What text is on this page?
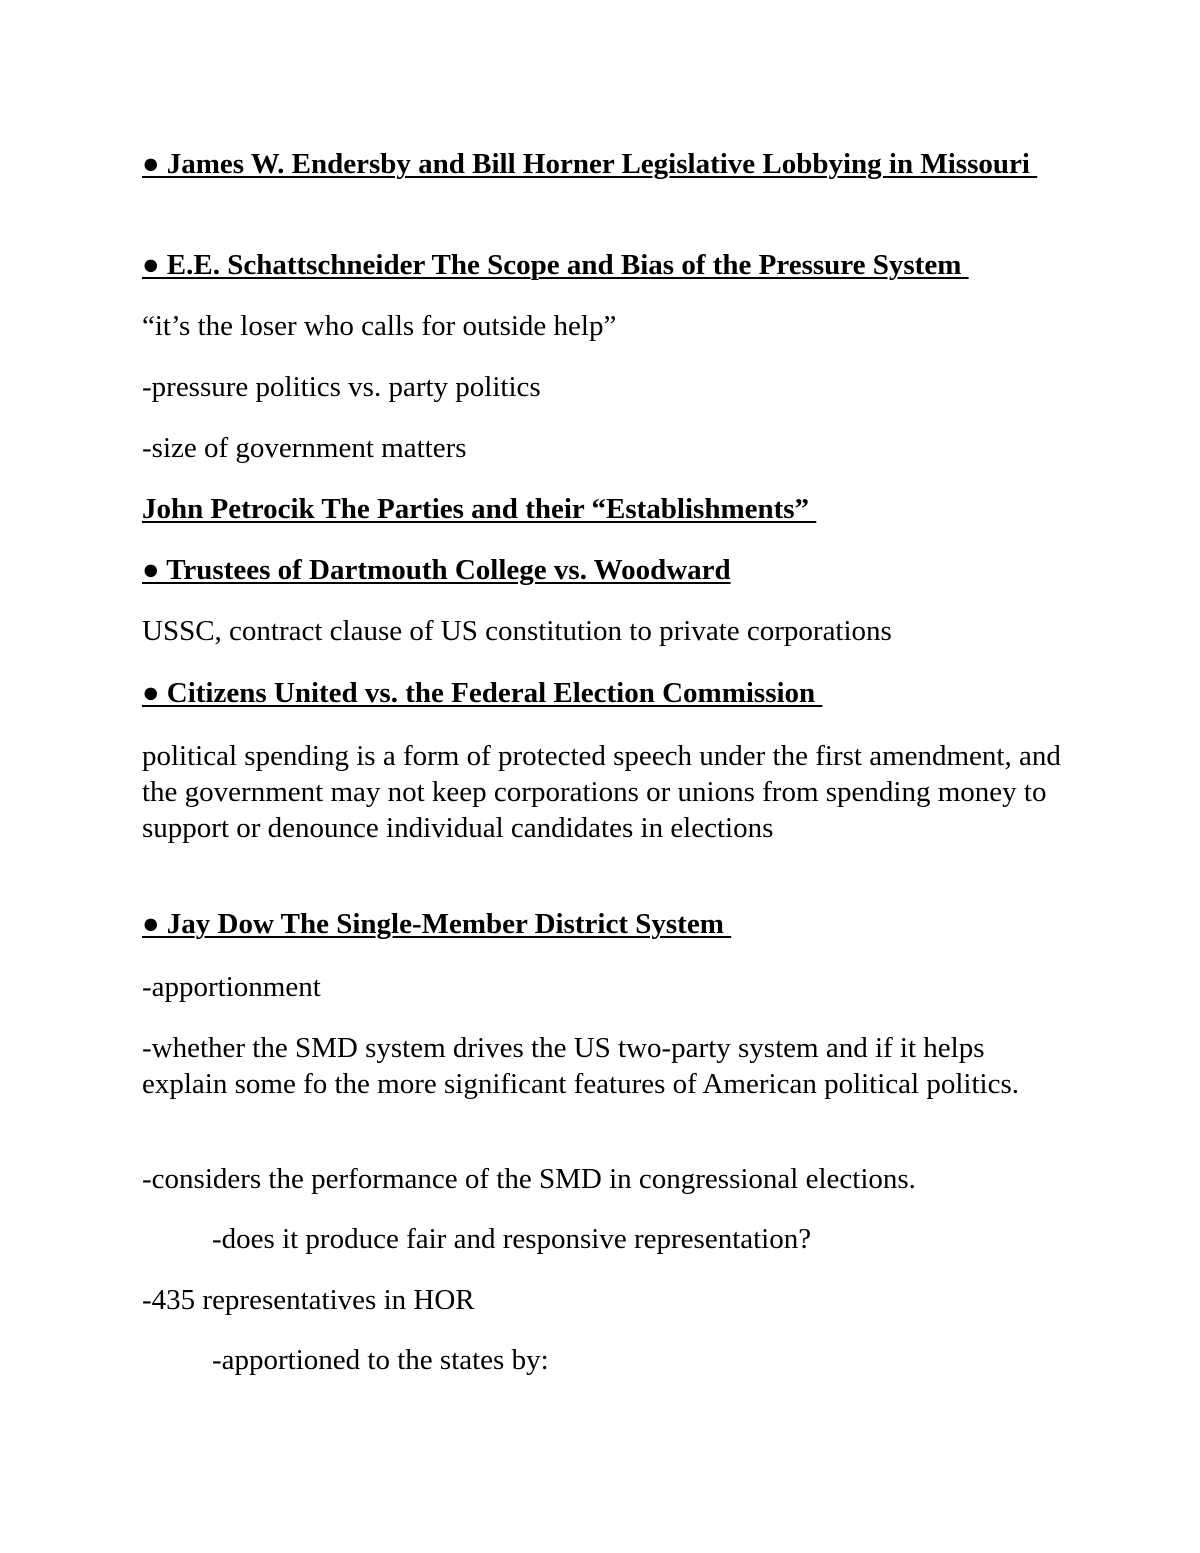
● James W. Endersby and Bill Horner Legislative Lobbying in Missouri
● E.E. Schattschneider The Scope and Bias of the Pressure System
“it’s the loser who calls for outside help”
-pressure politics vs. party politics
-size of government matters
John Petrocik The Parties and their “Establishments”
● Trustees of Dartmouth College vs. Woodward
USSC, contract clause of US constitution to private corporations
● Citizens United vs. the Federal Election Commission
political spending is a form of protected speech under the first amendment, and the government may not keep corporations or unions from spending money to support or denounce individual candidates in elections
● Jay Dow The Single-Member District System
-apportionment
-whether the SMD system drives the US two-party system and if it helps explain some fo the more significant features of American political politics.
-considers the performance of the SMD in congressional elections.
-does it produce fair and responsive representation?
-435 representatives in HOR
-apportioned to the states by:
